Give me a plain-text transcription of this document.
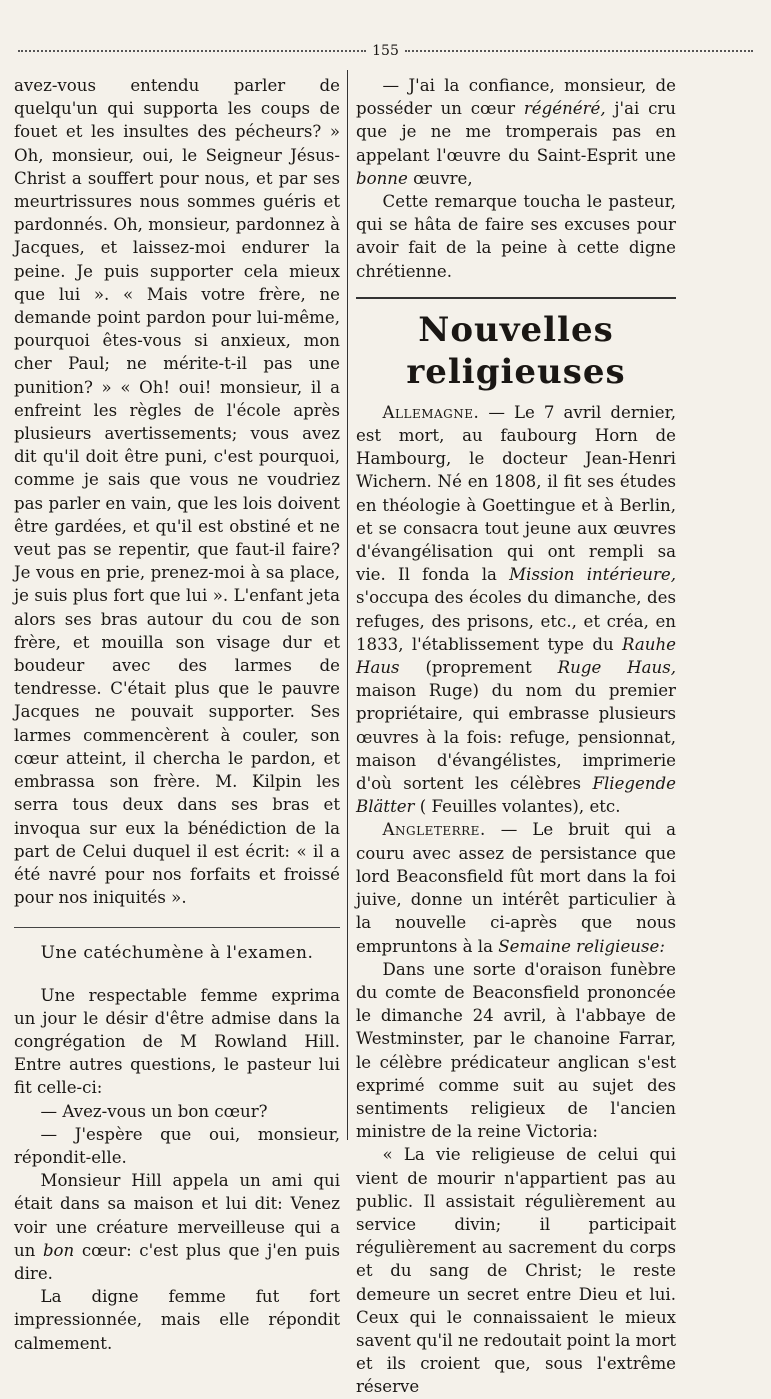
155

avez-vous entendu parler de quelqu'un qui supporta les coups de fouet et les insultes des pécheurs? » Oh, monsieur, oui, le Seigneur Jésus-Christ a souffert pour nous, et par ses meurtrissures nous sommes guéris et pardonnés. Oh, monsieur, pardonnez à Jacques, et laissez-moi endurer la peine. Je puis supporter cela mieux que lui ». « Mais votre frère, ne demande point pardon pour lui-même, pourquoi êtes-vous si anxieux, mon cher Paul; ne mérite-t-il pas une punition? » « Oh! oui! monsieur, il a enfreint les règles de l'école après plusieurs avertissements; vous avez dit qu'il doit être puni, c'est pourquoi, comme je sais que vous ne voudriez pas parler en vain, que les lois doivent être gardées, et qu'il est obstiné et ne veut pas se repentir, que faut-il faire? Je vous en prie, prenez-moi à sa place, je suis plus fort que lui ». L'enfant jeta alors ses bras autour du cou de son frère, et mouilla son visage dur et boudeur avec des larmes de tendresse. C'était plus que le pauvre Jacques ne pouvait supporter. Ses larmes commencèrent à couler, son cœur atteint, il chercha le pardon, et embrassa son frère. M. Kilpin les serra tous deux dans ses bras et invoqua sur eux la bénédiction de la part de Celui duquel il est écrit: « il a été navré pour nos forfaits et froissé pour nos iniquités ».

Une catéchumène à l'examen.

Une respectable femme exprima un jour le désir d'être admise dans la congrégation de M Rowland Hill. Entre autres questions, le pasteur lui fit celle-ci:

— Avez-vous un bon cœur?

— J'espère que oui, monsieur, répondit-elle.

Monsieur Hill appela un ami qui était dans sa maison et lui dit: Venez voir une créature merveilleuse qui a un bon cœur: c'est plus que j'en puis dire.

La digne femme fut fort impressionnée, mais elle répondit calmement.

— J'ai la confiance, monsieur, de posséder un cœur régénéré, j'ai cru que je ne me tromperais pas en appelant l'œuvre du Saint-Esprit une bonne œuvre,

Cette remarque toucha le pasteur, qui se hâta de faire ses excuses pour avoir fait de la peine à cette digne chrétienne.

Nouvelles religieuses

Allemagne. — Le 7 avril dernier, est mort, au faubourg Horn de Hambourg, le docteur Jean-Henri Wichern. Né en 1808, il fit ses études en théologie à Goettingue et à Berlin, et se consacra tout jeune aux œuvres d'évangélisation qui ont rempli sa vie. Il fonda la Mission intérieure, s'occupa des écoles du dimanche, des refuges, des prisons, etc., et créa, en 1833, l'établissement type du Rauhe Haus (proprement Ruge Haus, maison Ruge) du nom du premier propriétaire, qui embrasse plusieurs œuvres à la fois: refuge, pensionnat, maison d'évangélistes, imprimerie d'où sortent les célèbres Fliegende Blätter ( Feuilles volantes), etc.

Angleterre. — Le bruit qui a couru avec assez de persistance que lord Beaconsfield fût mort dans la foi juive, donne un intérêt particulier à la nouvelle ci-après que nous empruntons à la Semaine religieuse:

Dans une sorte d'oraison funèbre du comte de Beaconsfield prononcée le dimanche 24 avril, à l'abbaye de Westminster, par le chanoine Farrar, le célèbre prédicateur anglican s'est exprimé comme suit au sujet des sentiments religieux de l'ancien ministre de la reine Victoria:

« La vie religieuse de celui qui vient de mourir n'appartient pas au public. Il assistait régulièrement au service divin; il participait régulièrement au sacrement du corps et du sang de Christ; le reste demeure un secret entre Dieu et lui. Ceux qui le connaissaient le mieux savent qu'il ne redoutait point la mort et ils croient que, sous l'extrême réserve
